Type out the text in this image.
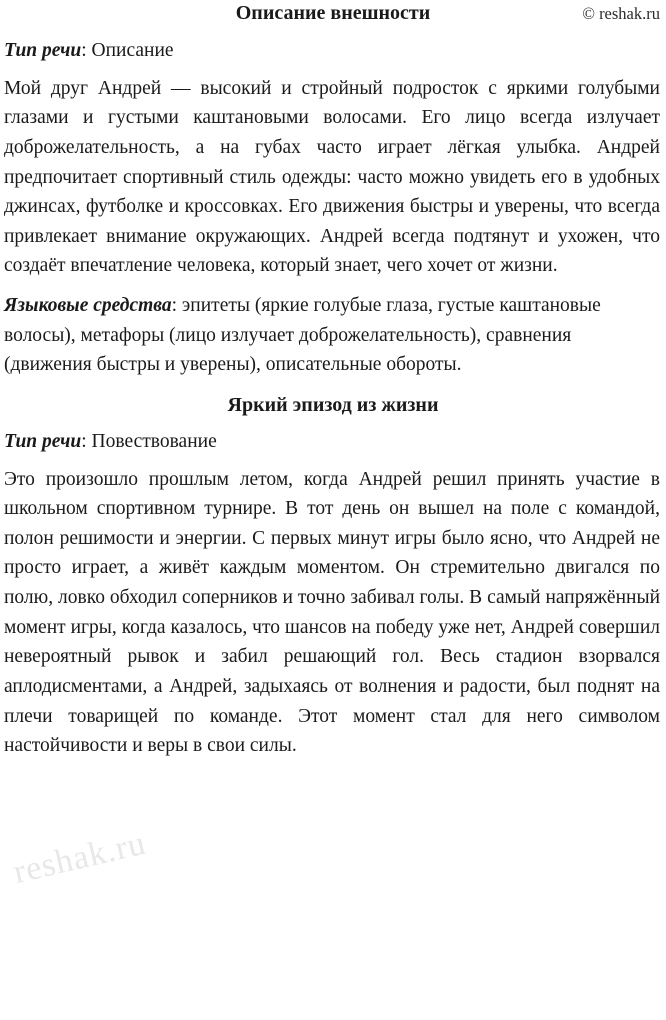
reshak.ru
Описание внешности	© reshak.ru

Тип речи: Описание

Мой друг Андрей — высокий и стройный подросток с яркими голубыми глазами и густыми каштановыми волосами. Его лицо всегда излучает доброжелательность, а на губах часто играет лёгкая улыбка. Андрей предпочитает спортивный стиль одежды: часто можно увидеть его в удобных джинсах, футболке и кроссовках. Его движения быстры и уверены, что всегда привлекает внимание окружающих. Андрей всегда подтянут и ухожен, что создаёт впечатление человека, который знает, чего хочет от жизни.

Языковые средства: эпитеты (яркие голубые глаза, густые каштановые волосы), метафоры (лицо излучает доброжелательность), сравнения (движения быстры и уверены), описательные обороты.

Яркий эпизод из жизни

Тип речи: Повествование

Это произошло прошлым летом, когда Андрей решил принять участие в школьном спортивном турнире. В тот день он вышел на поле с командой, полон решимости и энергии. С первых минут игры было ясно, что Андрей не просто играет, а живёт каждым моментом. Он стремительно двигался по полю, ловко обходил соперников и точно забивал голы. В самый напряжённый момент игры, когда казалось, что шансов на победу уже нет, Андрей совершил невероятный рывок и забил решающий гол. Весь стадион взорвался аплодисментами, а Андрей, задыхаясь от волнения и радости, был поднят на плечи товарищей по команде. Этот момент стал для него символом настойчивости и веры в свои силы.
